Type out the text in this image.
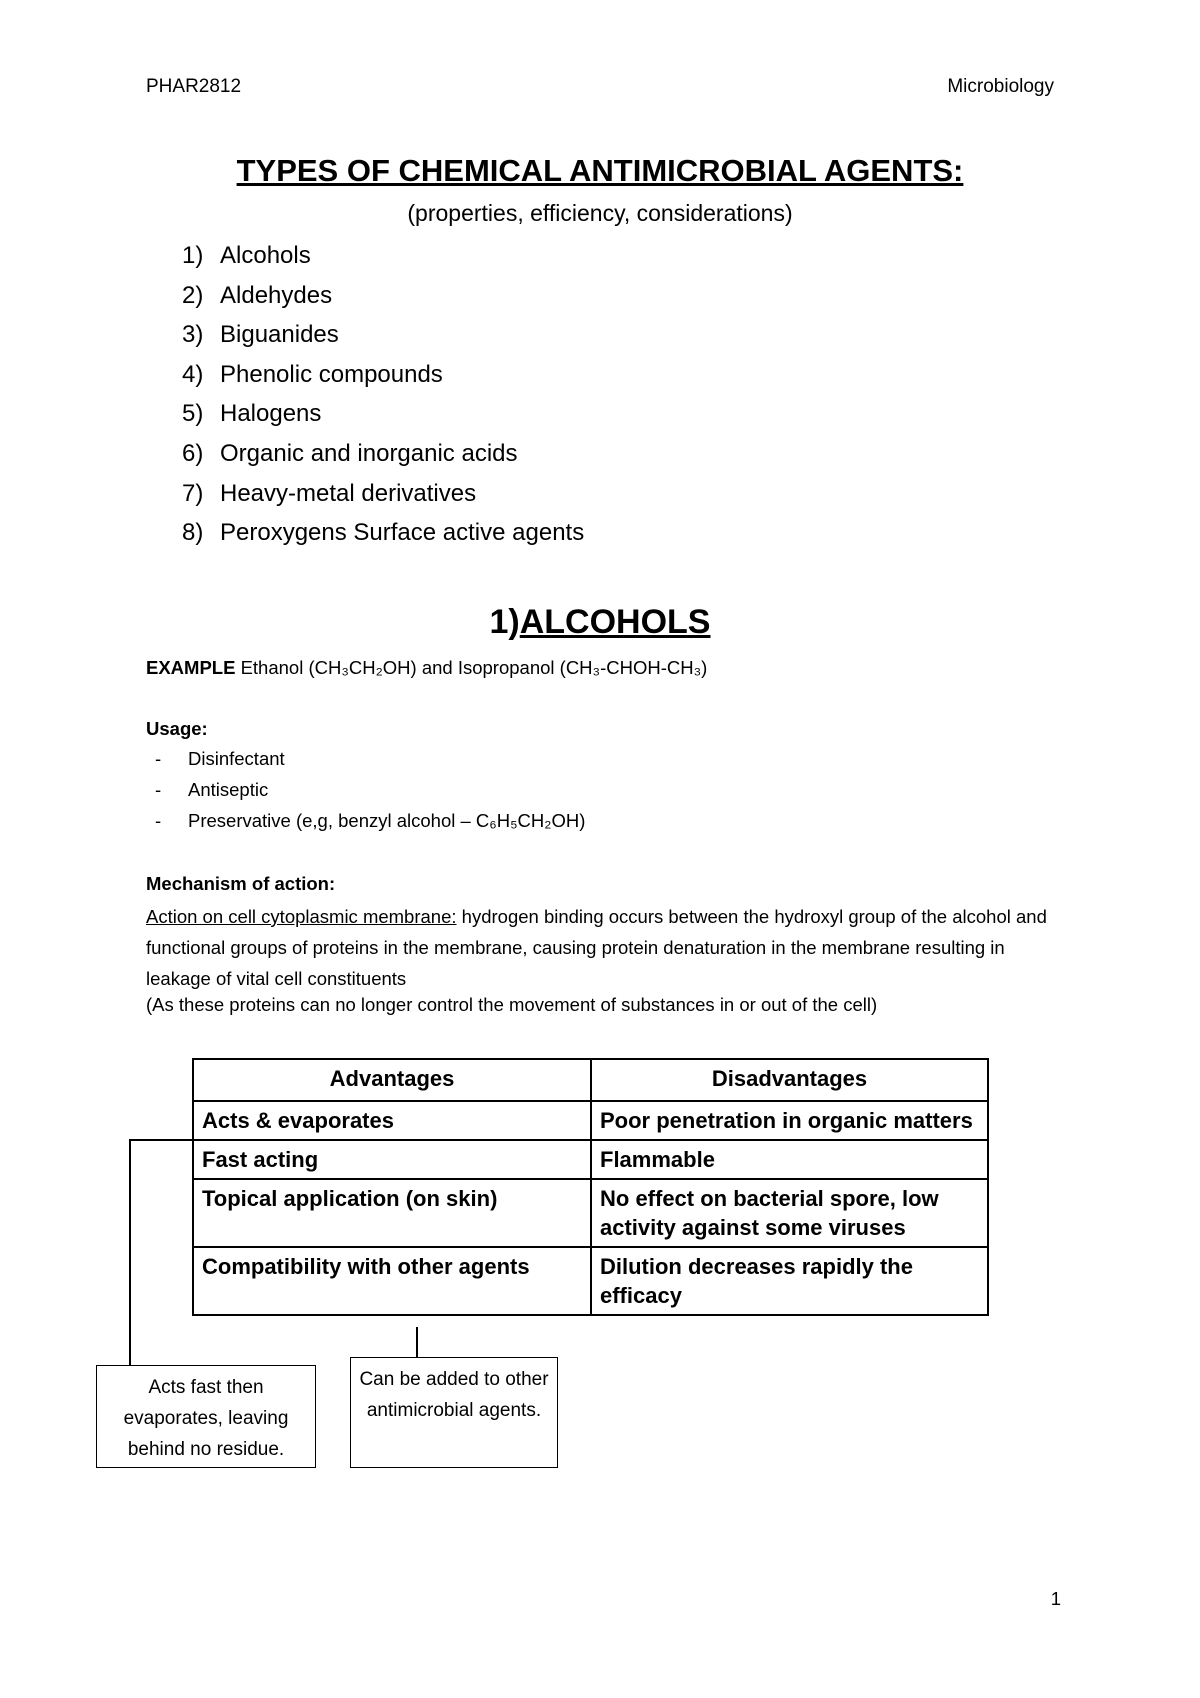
PHAR2812	Microbiology
TYPES OF CHEMICAL ANTIMICROBIAL AGENTS:
(properties, efficiency, considerations)
1) Alcohols
2) Aldehydes
3) Biguanides
4) Phenolic compounds
5) Halogens
6) Organic and inorganic acids
7) Heavy-metal derivatives
8) Peroxygens Surface active agents
1)ALCOHOLS
EXAMPLE Ethanol (CH₃CH₂OH) and Isopropanol (CH₃-CHOH-CH₃)
Usage:
-	Disinfectant
-	Antiseptic
-	Preservative (e,g, benzyl alcohol – C₆H₅CH₂OH)
Mechanism of action:
Action on cell cytoplasmic membrane: hydrogen binding occurs between the hydroxyl group of the alcohol and functional groups of proteins in the membrane, causing protein denaturation in the membrane resulting in leakage of vital cell constituents
(As these proteins can no longer control the movement of substances in or out of the cell)
Advantages	Disadvantages
Acts & evaporates	Poor penetration in organic matters
Fast acting	Flammable
Topical application (on skin)	No effect on bacterial spore, low activity against some viruses
Compatibility with other agents	Dilution decreases rapidly the efficacy
Acts fast then evaporates, leaving behind no residue.
Can be added to other antimicrobial agents.
1
